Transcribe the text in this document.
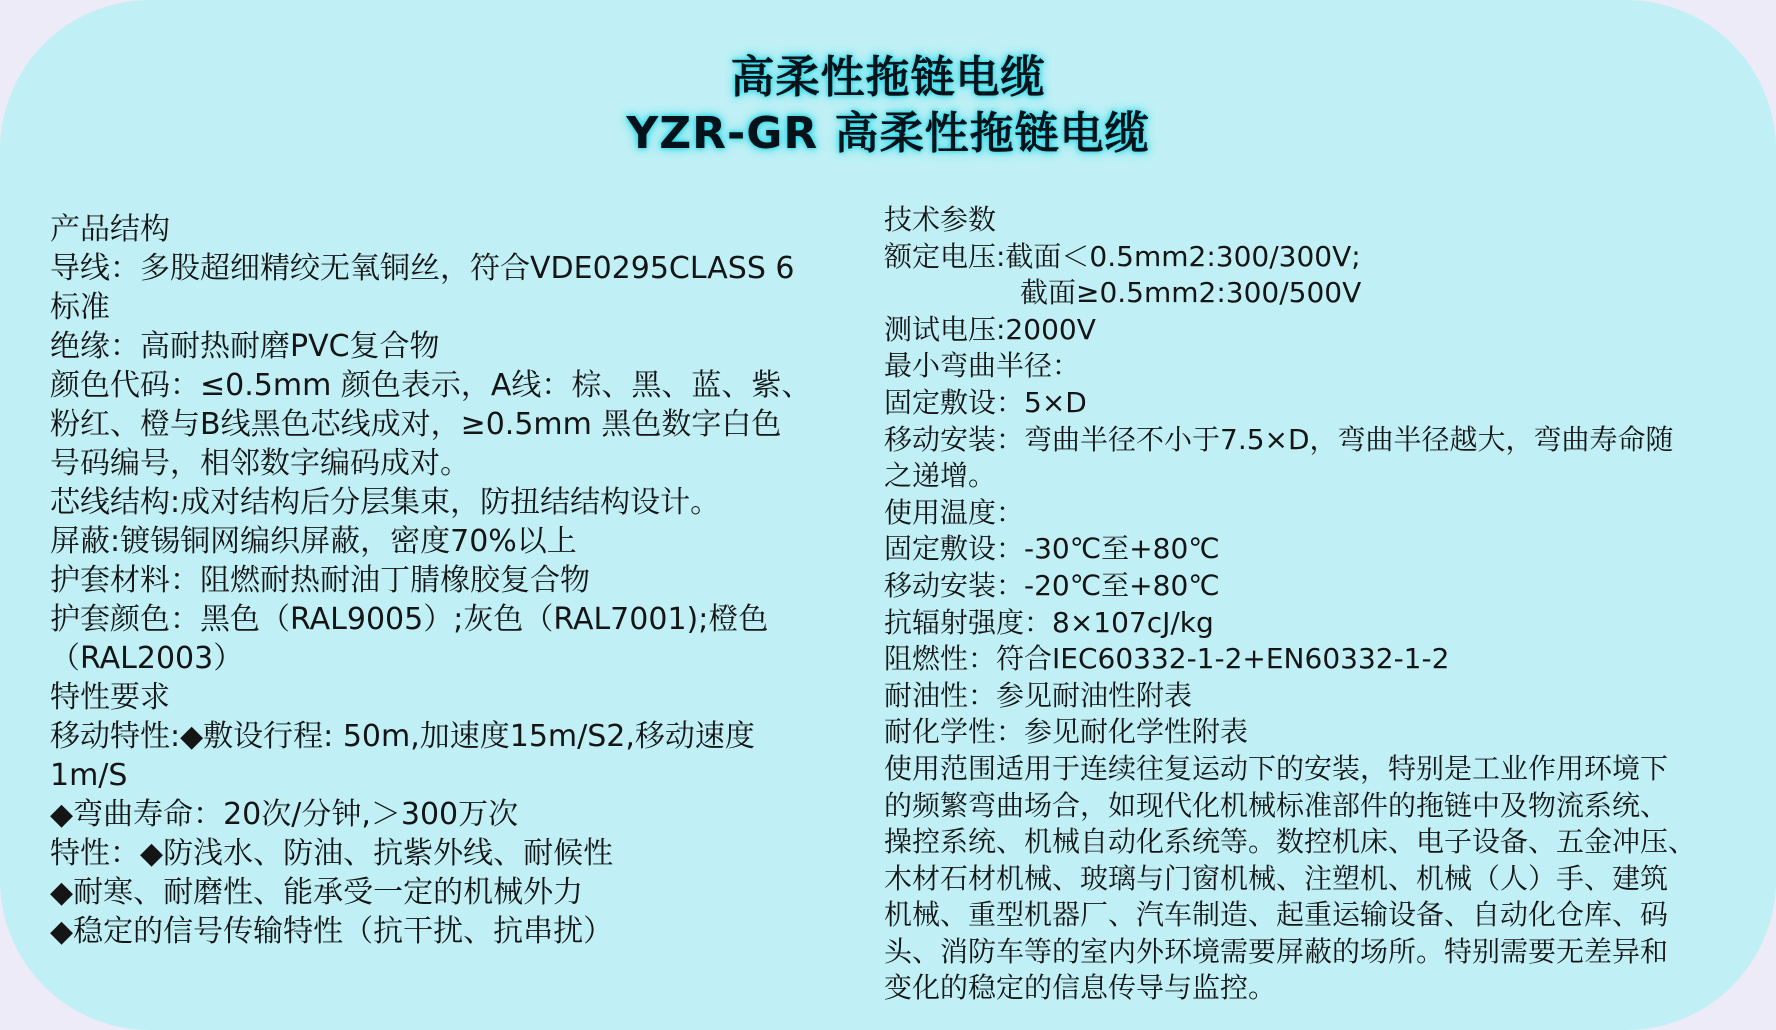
高柔性拖链电缆
YZR-GR 高柔性拖链电缆
产品结构
导线：多股超细精绞无氧铜丝，符合VDE0295CLASS 6
标准
绝缘：高耐热耐磨PVC复合物
颜色代码：≤0.5mm 颜色表示，A线：棕、黑、蓝、紫、
粉红、橙与B线黑色芯线成对，≥0.5mm 黑色数字白色
号码编号，相邻数字编码成对。
芯线结构:成对结构后分层集束，防扭结结构设计。
屏蔽:镀锡铜网编织屏蔽，密度70%以上
护套材料：阻燃耐热耐油丁腈橡胶复合物
护套颜色：黑色（RAL9005）;灰色（RAL7001);橙色
（RAL2003）
特性要求
移动特性:◆敷设行程: 50m,加速度15m/S2,移动速度
1m/S
◆弯曲寿命：20次/分钟,＞300万次
特性：◆防浅水、防油、抗紫外线、耐候性
◆耐寒、耐磨性、能承受一定的机械外力
◆稳定的信号传输特性（抗干扰、抗串扰）
技术参数
额定电压:截面＜0.5mm2:300/300V;
截面≥0.5mm2:300/500V
测试电压:2000V
最小弯曲半径：
固定敷设：5×D
移动安装：弯曲半径不小于7.5×D，弯曲半径越大，弯曲寿命随
之递增。
使用温度：
固定敷设：-30℃至+80℃
移动安装：-20℃至+80℃
抗辐射强度：8×107cJ/kg
阻燃性：符合IEC60332-1-2+EN60332-1-2
耐油性：参见耐油性附表
耐化学性：参见耐化学性附表
使用范围适用于连续往复运动下的安装，特别是工业作用环境下
的频繁弯曲场合，如现代化机械标准部件的拖链中及物流系统、
操控系统、机械自动化系统等。数控机床、电子设备、五金冲压、
木材石材机械、玻璃与门窗机械、注塑机、机械（人）手、建筑
机械、重型机器厂、汽车制造、起重运输设备、自动化仓库、码
头、消防车等的室内外环境需要屏蔽的场所。特别需要无差异和
变化的稳定的信息传导与监控。
